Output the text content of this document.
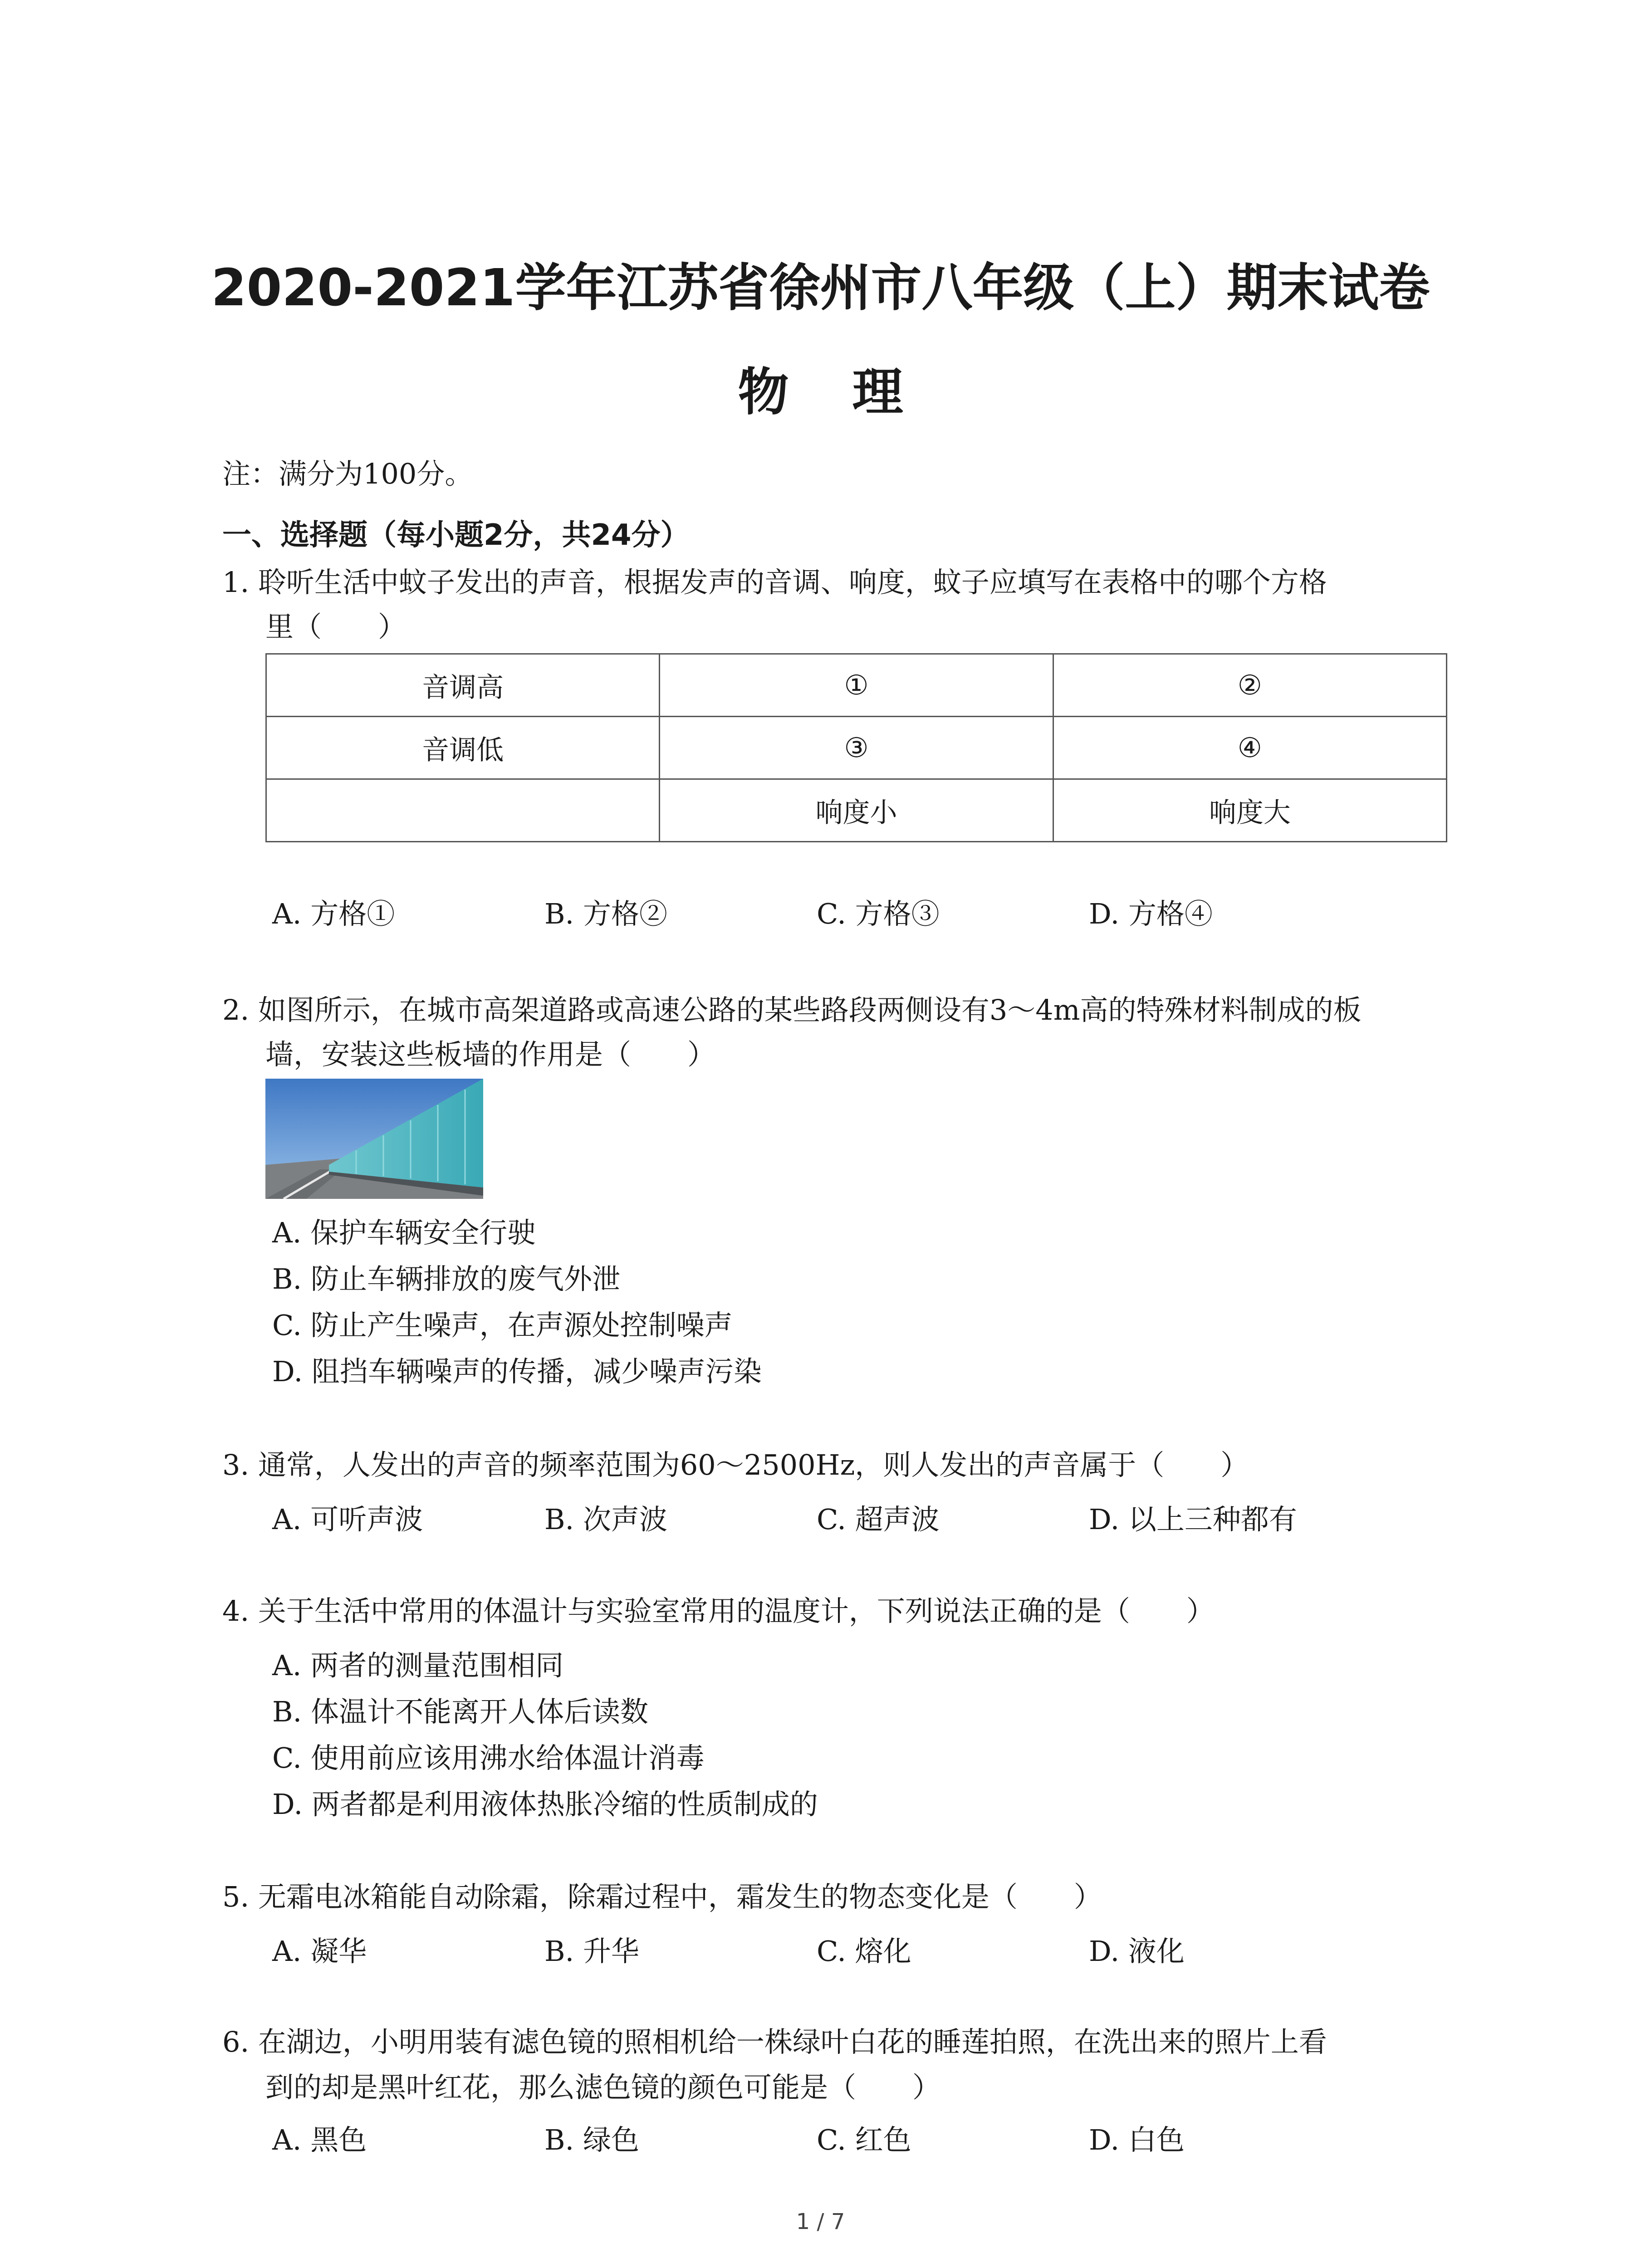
2020-2021学年江苏省徐州市八年级（上）期末试卷
物理
注：满分为100分。
一、选择题（每小题2分，共24分）
1. 聆听生活中蚊子发出的声音，根据发声的音调、响度，蚊子应填写在表格中的哪个方格
里（　　）
音调高	①	②
音调低	③	④
	响度小	响度大
A. 方格①	B. 方格②	C. 方格③	D. 方格④
2. 如图所示，在城市高架道路或高速公路的某些路段两侧设有3～4m高的特殊材料制成的板
墙，安装这些板墙的作用是（　　）
A. 保护车辆安全行驶
B. 防止车辆排放的废气外泄
C. 防止产生噪声，在声源处控制噪声
D. 阻挡车辆噪声的传播，减少噪声污染
3. 通常，人发出的声音的频率范围为60～2500Hz，则人发出的声音属于（　　）
A. 可听声波	B. 次声波	C. 超声波	D. 以上三种都有
4. 关于生活中常用的体温计与实验室常用的温度计，下列说法正确的是（　　）
A. 两者的测量范围相同
B. 体温计不能离开人体后读数
C. 使用前应该用沸水给体温计消毒
D. 两者都是利用液体热胀冷缩的性质制成的
5. 无霜电冰箱能自动除霜，除霜过程中，霜发生的物态变化是（　　）
A. 凝华	B. 升华	C. 熔化	D. 液化
6. 在湖边，小明用装有滤色镜的照相机给一株绿叶白花的睡莲拍照，在洗出来的照片上看
到的却是黑叶红花，那么滤色镜的颜色可能是（　　）
A. 黑色	B. 绿色	C. 红色	D. 白色
1 / 7
